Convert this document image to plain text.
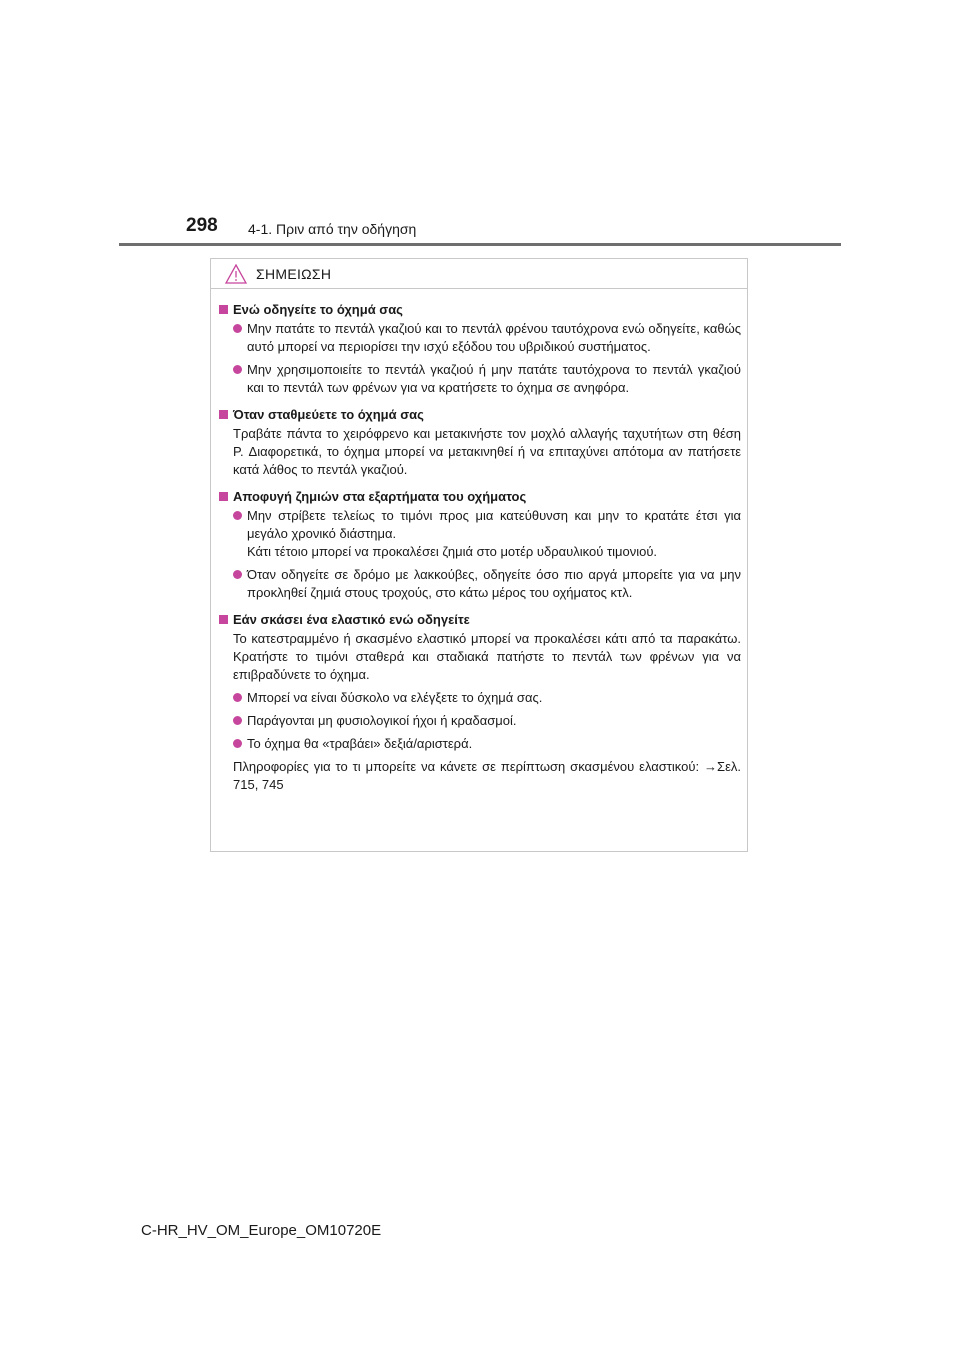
298 4-1. Πριν από την οδήγηση
ΣΗΜΕΙΩΣΗ
Ενώ οδηγείτε το όχημά σας
Μην πατάτε το πεντάλ γκαζιού και το πεντάλ φρένου ταυτόχρονα ενώ οδηγείτε, καθώς αυτό μπορεί να περιορίσει την ισχύ εξόδου του υβριδικού συστήματος.
Μην χρησιμοποιείτε το πεντάλ γκαζιού ή μην πατάτε ταυτόχρονα το πεντάλ γκαζιού και το πεντάλ των φρένων για να κρατήσετε το όχημα σε ανηφόρα.
Όταν σταθμεύετε το όχημά σας
Τραβάτε πάντα το χειρόφρενο και μετακινήστε τον μοχλό αλλαγής ταχυτήτων στη θέση P. Διαφορετικά, το όχημα μπορεί να μετακινηθεί ή να επιταχύνει απότομα αν πατήσετε κατά λάθος το πεντάλ γκαζιού.
Αποφυγή ζημιών στα εξαρτήματα του οχήματος
Μην στρίβετε τελείως το τιμόνι προς μια κατεύθυνση και μην το κρατάτε έτσι για μεγάλο χρονικό διάστημα.
Κάτι τέτοιο μπορεί να προκαλέσει ζημιά στο μοτέρ υδραυλικού τιμονιού.
Όταν οδηγείτε σε δρόμο με λακκούβες, οδηγείτε όσο πιο αργά μπορείτε για να μην προκληθεί ζημιά στους τροχούς, στο κάτω μέρος του οχήματος κτλ.
Εάν σκάσει ένα ελαστικό ενώ οδηγείτε
Το κατεστραμμένο ή σκασμένο ελαστικό μπορεί να προκαλέσει κάτι από τα παρακάτω. Κρατήστε το τιμόνι σταθερά και σταδιακά πατήστε το πεντάλ των φρένων για να επιβραδύνετε το όχημα.
Μπορεί να είναι δύσκολο να ελέγξετε το όχημά σας.
Παράγονται μη φυσιολογικοί ήχοι ή κραδασμοί.
Το όχημα θα «τραβάει» δεξιά/αριστερά.
Πληροφορίες για το τι μπορείτε να κάνετε σε περίπτωση σκασμένου ελαστικού: →Σελ. 715, 745
C-HR_HV_OM_Europe_OM10720E
